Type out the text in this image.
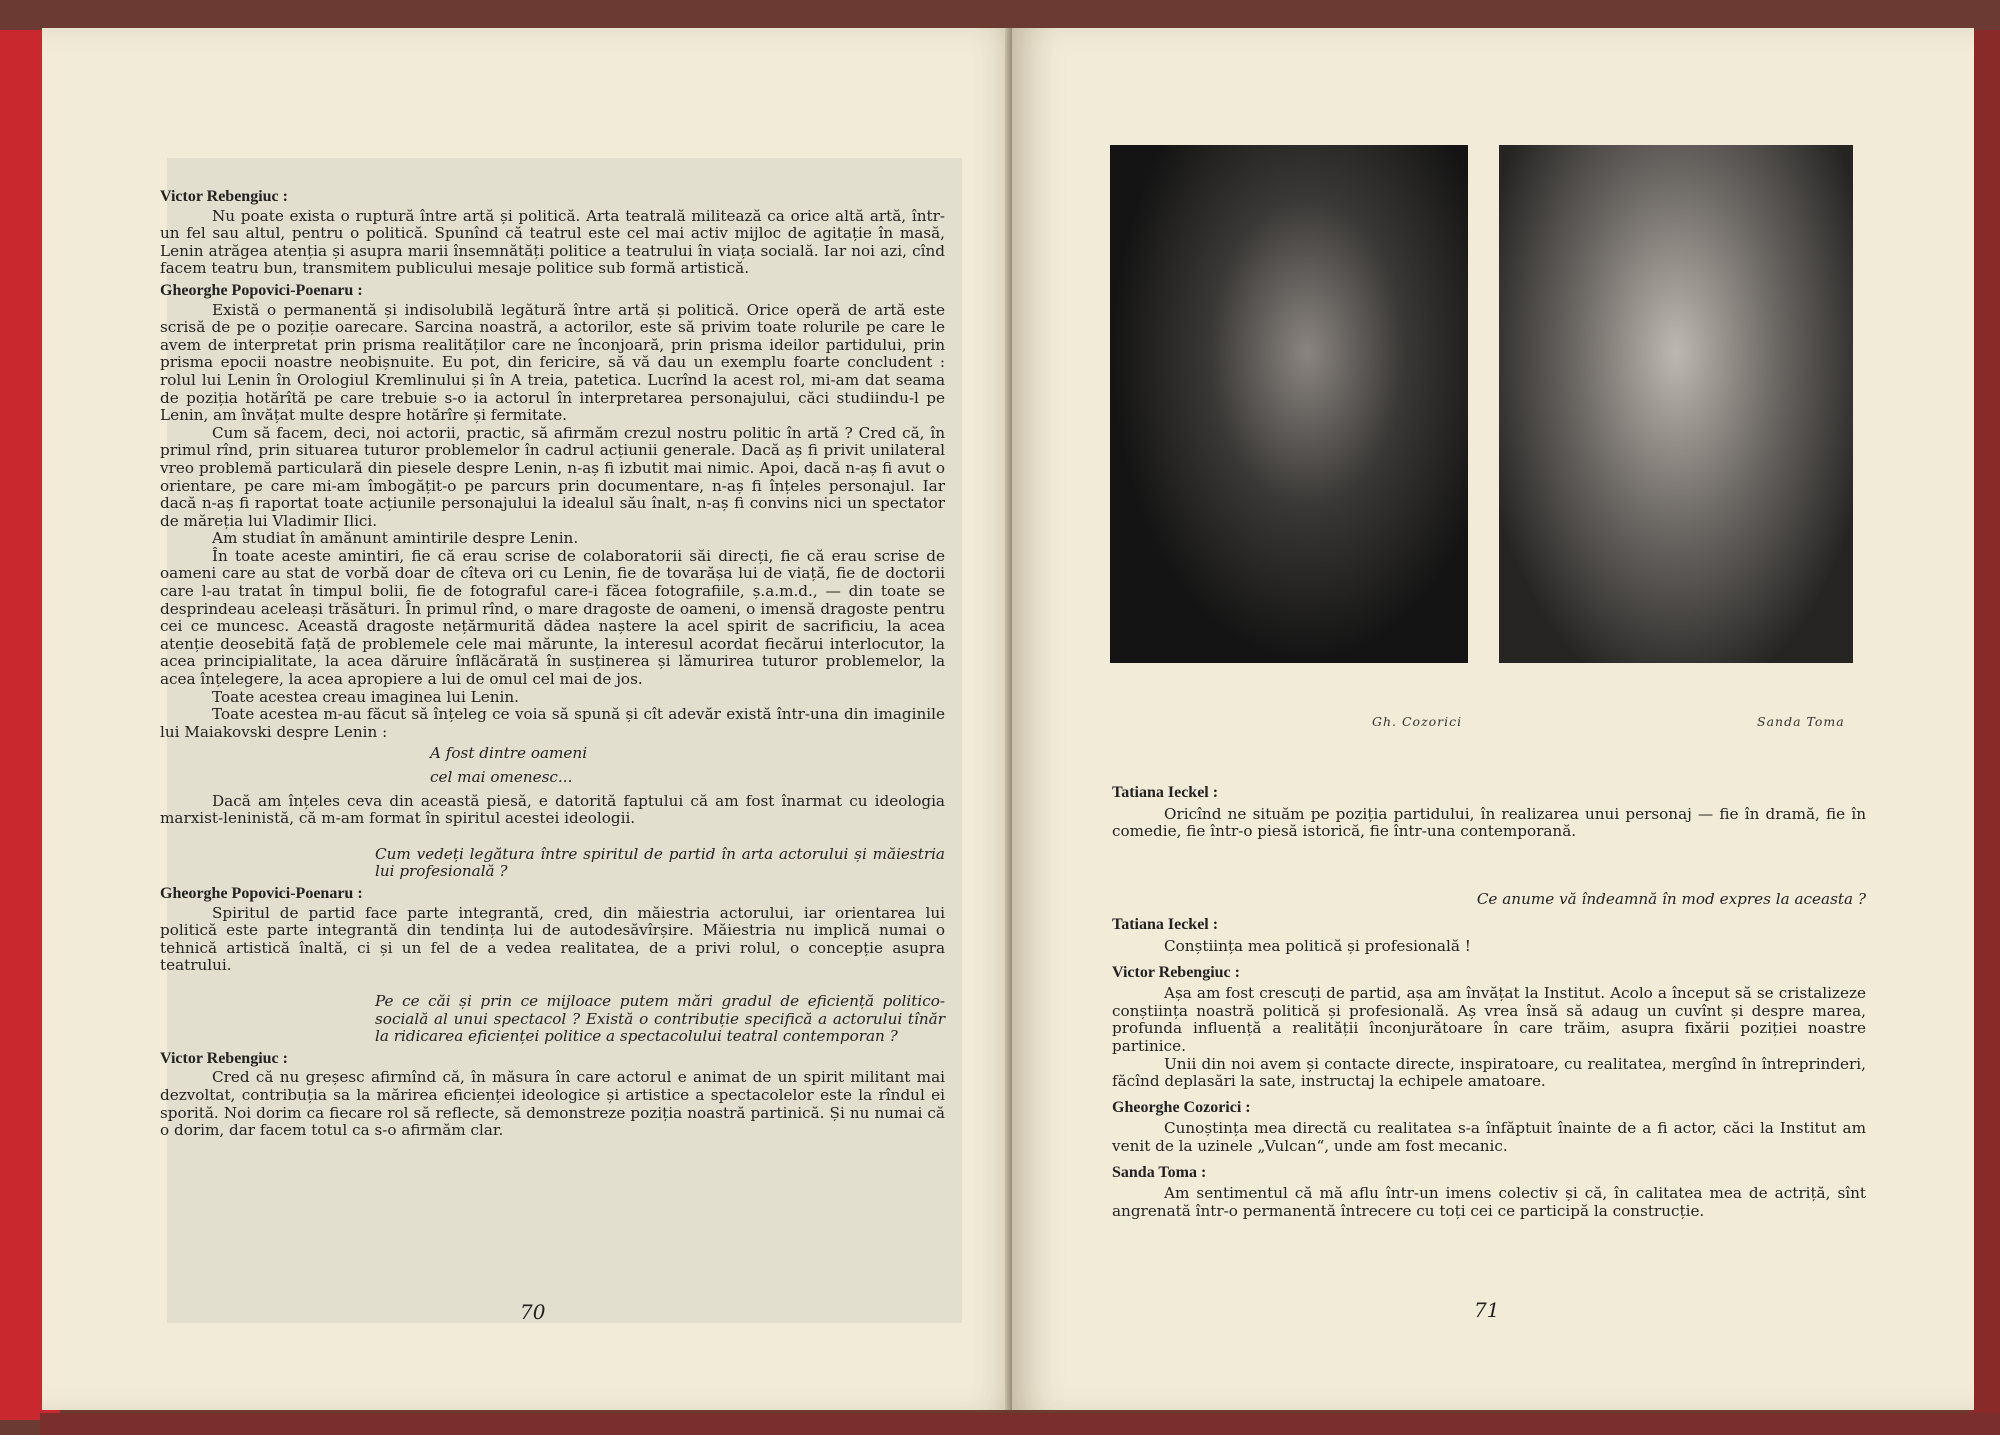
Victor Rebengiuc :
Nu poate exista o ruptură între artă și politică. Arta teatrală militează ca orice altă artă, într-un fel sau altul, pentru o politică. Spunînd că teatrul este cel mai activ mijloc de agitație în masă, Lenin atrăgea atenția și asupra marii însemnătăți politice a teatrului în viața socială. Iar noi azi, cînd facem teatru bun, transmitem publicului mesaje politice sub formă artistică.
Gheorghe Popovici-Poenaru :
Există o permanentă și indisolubilă legătură între artă și politică. Orice operă de artă este scrisă de pe o poziție oarecare. Sarcina noastră, a actorilor, este să privim toate rolurile pe care le avem de interpretat prin prisma realităților care ne înconjoară, prin prisma ideilor partidului, prin prisma epocii noastre neobișnuite. Eu pot, din fericire, să vă dau un exemplu foarte concludent : rolul lui Lenin în Orologiul Kremlinului și în A treia, patetica. Lucrînd la acest rol, mi-am dat seama de poziția hotărîtă pe care trebuie s-o ia actorul în interpretarea personajului, căci studiindu-l pe Lenin, am învățat multe despre hotărîre și fermitate.
Cum să facem, deci, noi actorii, practic, să afirmăm crezul nostru politic în artă ? Cred că, în primul rînd, prin situarea tuturor problemelor în cadrul acțiunii generale. Dacă aș fi privit unilateral vreo problemă particulară din piesele despre Lenin, n-aș fi izbutit mai nimic. Apoi, dacă n-aș fi avut o orientare, pe care mi-am îmbogățit-o pe parcurs prin documentare, n-aș fi înțeles personajul. Iar dacă n-aș fi raportat toate acțiunile personajului la idealul său înalt, n-aș fi convins nici un spectator de măreția lui Vladimir Ilici.
Am studiat în amănunt amintirile despre Lenin.
În toate aceste amintiri, fie că erau scrise de colaboratorii săi direcți, fie că erau scrise de oameni care au stat de vorbă doar de cîteva ori cu Lenin, fie de tovarășa lui de viață, fie de doctorii care l-au tratat în timpul bolii, fie de fotograful care-i făcea fotografiile, ș.a.m.d., — din toate se desprindeau aceleași trăsături. În primul rînd, o mare dragoste de oameni, o imensă dragoste pentru cei ce muncesc. Această dragoste nețărmurită dădea naștere la acel spirit de sacrificiu, la acea atenție deosebită față de problemele cele mai mărunte, la interesul acordat fiecărui interlocutor, la acea principialitate, la acea dăruire înflăcărată în susținerea și lămurirea tuturor problemelor, la acea înțelegere, la acea apropiere a lui de omul cel mai de jos.
Toate acestea creau imaginea lui Lenin.
Toate acestea m-au făcut să înțeleg ce voia să spună și cît adevăr există într-una din imaginile lui Maiakovski despre Lenin :
A fost dintre oameni
cel mai omenesc...
Dacă am înțeles ceva din această piesă, e datorită faptului că am fost înarmat cu ideologia marxist-leninistă, că m-am format în spiritul acestei ideologii.
Cum vedeți legătura între spiritul de partid în arta actorului și măiestria lui profesională ?
Gheorghe Popovici-Poenaru :
Spiritul de partid face parte integrantă, cred, din măiestria actorului, iar orientarea lui politică este parte integrantă din tendința lui de autodesăvîrșire. Măiestria nu implică numai o tehnică artistică înaltă, ci și un fel de a vedea realitatea, de a privi rolul, o concepție asupra teatrului.
Pe ce căi și prin ce mijloace putem mări gradul de eficiență politico-socială al unui spectacol ? Există o contribuție specifică a actorului tînăr la ridicarea eficienței politice a spectacolului teatral contemporan ?
Victor Rebengiuc :
Cred că nu greșesc afirmînd că, în măsura în care actorul e animat de un spirit militant mai dezvoltat, contribuția sa la mărirea eficienței ideologice și artistice a spectacolelor este la rîndul ei sporită. Noi dorim ca fiecare rol să reflecte, să demonstreze poziția noastră partinică. Și nu numai că o dorim, dar facem totul ca s-o afirmăm clar.
70
Gh. Cozorici	Sanda Toma
Tatiana Ieckel :
Oricînd ne situăm pe poziția partidului, în realizarea unui personaj — fie în dramă, fie în comedie, fie într-o piesă istorică, fie într-una contemporană.
Ce anume vă îndeamnă în mod expres la aceasta ?
Tatiana Ieckel :
Conștiința mea politică și profesională !
Victor Rebengiuc :
Așa am fost crescuți de partid, așa am învățat la Institut. Acolo a început să se cristalizeze conștiința noastră politică și profesională. Aș vrea însă să adaug un cuvînt și despre marea, profunda influență a realității înconjurătoare în care trăim, asupra fixării poziției noastre partinice.
Unii din noi avem și contacte directe, inspiratoare, cu realitatea, mergînd în întreprinderi, făcînd deplasări la sate, instructaj la echipele amatoare.
Gheorghe Cozorici :
Cunoștința mea directă cu realitatea s-a înfăptuit înainte de a fi actor, căci la Institut am venit de la uzinele „Vulcan“, unde am fost mecanic.
Sanda Toma :
Am sentimentul că mă aflu într-un imens colectiv și că, în calitatea mea de actriță, sînt angrenată într-o permanentă întrecere cu toți cei ce participă la construcție.
71
